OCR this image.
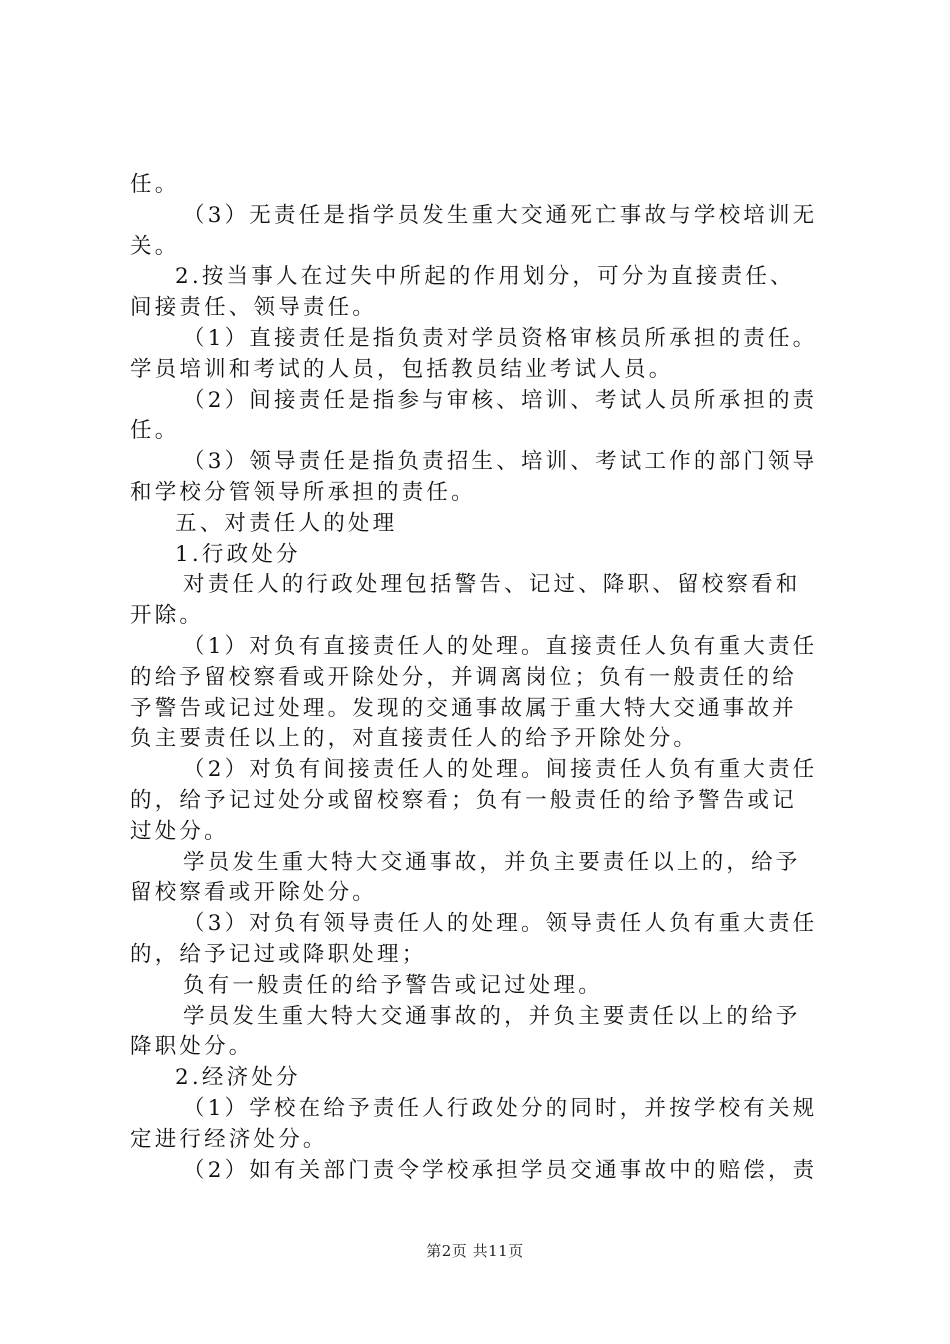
任。
（3）无责任是指学员发生重大交通死亡事故与学校培训无
关。
2.按当事人在过失中所起的作用划分，可分为直接责任、
间接责任、领导责任。
（1）直接责任是指负责对学员资格审核员所承担的责任。
学员培训和考试的人员，包括教员结业考试人员。
（2）间接责任是指参与审核、培训、考试人员所承担的责
任。
（3）领导责任是指负责招生、培训、考试工作的部门领导
和学校分管领导所承担的责任。
五、对责任人的处理
1.行政处分
对责任人的行政处理包括警告、记过、降职、留校察看和
开除。
（1）对负有直接责任人的处理。直接责任人负有重大责任
的给予留校察看或开除处分，并调离岗位；负有一般责任的给
予警告或记过处理。发现的交通事故属于重大特大交通事故并
负主要责任以上的，对直接责任人的给予开除处分。
（2）对负有间接责任人的处理。间接责任人负有重大责任
的，给予记过处分或留校察看；负有一般责任的给予警告或记
过处分。
学员发生重大特大交通事故，并负主要责任以上的，给予
留校察看或开除处分。
（3）对负有领导责任人的处理。领导责任人负有重大责任
的，给予记过或降职处理；
负有一般责任的给予警告或记过处理。
学员发生重大特大交通事故的，并负主要责任以上的给予
降职处分。
2.经济处分
（1）学校在给予责任人行政处分的同时，并按学校有关规
定进行经济处分。
（2）如有关部门责令学校承担学员交通事故中的赔偿，责
第2页 共11页
